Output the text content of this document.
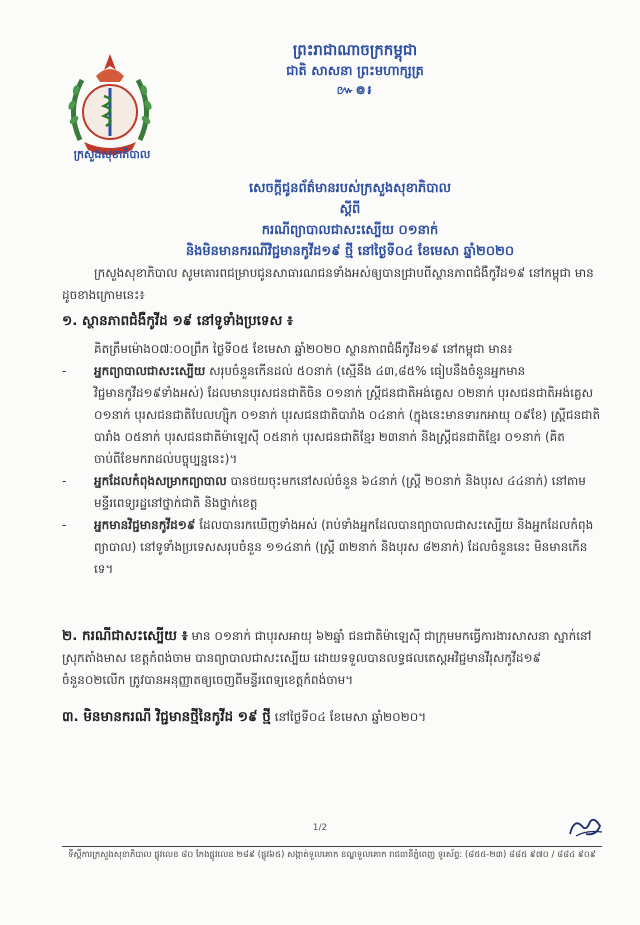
ក្រសួងសុខាភិបាល
ព្រះរាជាណាចក្រកម្ពុជា
ជាតិ សាសនា ព្រះមហាក្សត្រ
៚៙៛
សេចក្តីជូនព័ត៌មានរបស់ក្រសួងសុខាភិបាល
ស្តីពី
ករណីព្យាបាលជាសះស្បើយ ០១នាក់
និងមិនមានករណីវិជ្ជមានកូវីដ១៩ ថ្មី នៅថ្ងៃទី០៤ ខែមេសា ឆ្នាំ២០២០
ក្រសួងសុខាភិបាល សូមគោរពជម្រាបជូនសាធារណជនទាំងអស់ឲ្យបានជ្រាបពីស្ថានភាពជំងឺកូវីដ១៩ នៅកម្ពុជា មានដូចខាងក្រោមនេះ៖
១. ស្ថានភាពជំងឺកូវីដ ១៩ នៅទូទាំងប្រទេស ៖
គិតត្រឹមម៉ោង០៧:០០ព្រឹក ថ្ងៃទី០៥ ខែមេសា ឆ្នាំ២០២០ ស្ថានភាពជំងឺកូវីដ១៩ នៅកម្ពុជា មាន៖
-	អ្នកព្យាបាលជាសះស្បើយ សរុបចំនួនកើនដល់ ៥០នាក់ (ស្មើនឹង ៤៣,៨៥% ធៀបនឹងចំនួនអ្នកមានវិជ្ជមានកូវីដ១៩ទាំងអស់) ដែលមានបុរសជនជាតិចិន ០១នាក់ ស្ត្រីជនជាតិអង់គ្លេស ០២នាក់ បុរសជនជាតិអង់គ្លេស ០១នាក់ បុរសជនជាតិបែលហ្ស៊ិក ០១នាក់ បុរសជនជាតិបារាំង ០៤នាក់ (ក្នុងនេះមានទារកអាយុ ០៩ខែ) ស្ត្រីជនជាតិបារាំង ០៥នាក់ បុរសជនជាតិម៉ាឡេស៊ី ០៥នាក់ បុរសជនជាតិខ្មែរ ២៣នាក់ និងស្ត្រីជនជាតិខ្មែរ ០១នាក់ (គិតចាប់ពីខែមករាដល់បច្ចុប្បន្ននេះ)។
-	អ្នកដែលកំពុងសម្រាកព្យាបាល បានថយចុះមកនៅសល់ចំនួន ៦៤នាក់ (ស្ត្រី ២០នាក់ និងបុរស ៤៤នាក់) នៅតាមមន្ទីរពេទ្យរដ្ឋនៅថ្នាក់ជាតិ និងថ្នាក់ខេត្ត
-	អ្នកមានវិជ្ជមានកូវីដ១៩ ដែលបានរកឃើញទាំងអស់ (រាប់ទាំងអ្នកដែលបានព្យាបាលជាសះស្បើយ និងអ្នកដែលកំពុងព្យាបាល) នៅទូទាំងប្រទេសសរុបចំនួន ១១៤នាក់ (ស្ត្រី ៣២នាក់ និងបុរស ៨២នាក់) ដែលចំនួននេះ មិនមានកើនទេ។
២. ករណីជាសះស្បើយ ៖ មាន ០១នាក់ ជាបុរសអាយុ ៦២ឆ្នាំ ជនជាតិម៉ាឡេស៊ី ជាក្រុមមកធ្វើការងារសាសនា ស្នាក់នៅស្រុកតាំងមាស ខេត្តកំពង់ចាម បានព្យាបាលជាសះស្បើយ ដោយទទួលបានលទ្ធផលតេស្តអវិជ្ជមានវីរុសកូវីដ១៩ ចំនួន០២លើក ត្រូវបានអនុញ្ញាតឲ្យចេញពីមន្ទីរពេទ្យខេត្តកំពង់ចាម។
៣. មិនមានករណី វិជ្ជមានថ្មីនៃកូវីដ ១៩ ថ្មី នៅថ្ងៃទី០៤ ខែមេសា ឆ្នាំ២០២០។
1/2
ទីស្តីការក្រសួងសុខាភិបាល ផ្លូវលេខ ៨០ កែងផ្លូវលេខ ២៨៩ (ផ្លូវ៦៥) សង្កាត់ទួលគោក ខណ្ឌទួលគោក រាជធានីភ្នំពេញ ទូរស័ព្ទ: (៨៥៥-២៣) ៨៨៥ ៩៧០ / ៨៨៤ ៩០៩
